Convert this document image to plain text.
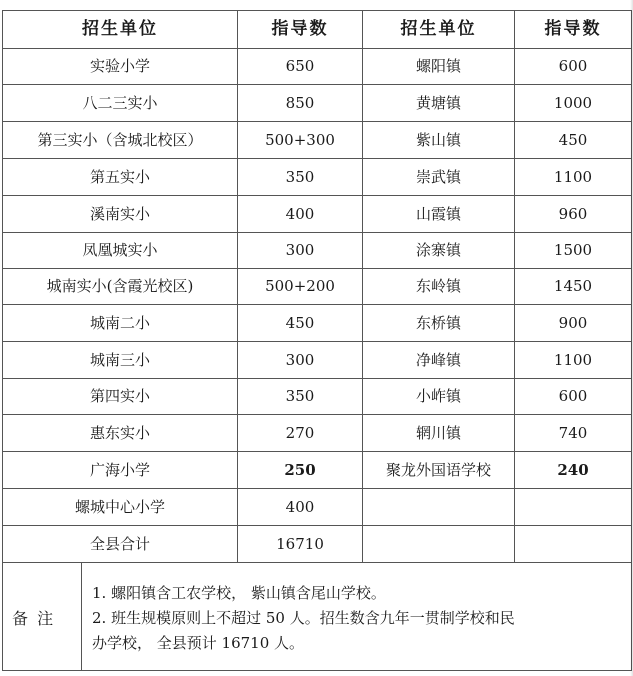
招生单位	指导数	招生单位	指导数
实验小学	650	螺阳镇	600
八二三实小	850	黄塘镇	1000
第三实小（含城北校区）	500+300	紫山镇	450
第五实小	350	崇武镇	1100
溪南实小	400	山霞镇	960
凤凰城实小	300	涂寨镇	1500
城南实小(含霞光校区)	500+200	东岭镇	1450
城南二小	450	东桥镇	900
城南三小	300	净峰镇	1100
第四实小	350	小岞镇	600
惠东实小	270	辋川镇	740
广海小学	250	聚龙外国语学校	240
螺城中心小学	400
全县合计	16710
备 注
1. 螺阳镇含工农学校， 紫山镇含尾山学校。
2. 班生规模原则上不超过 50 人。招生数含九年一贯制学校和民
办学校， 全县预计 16710 人。
